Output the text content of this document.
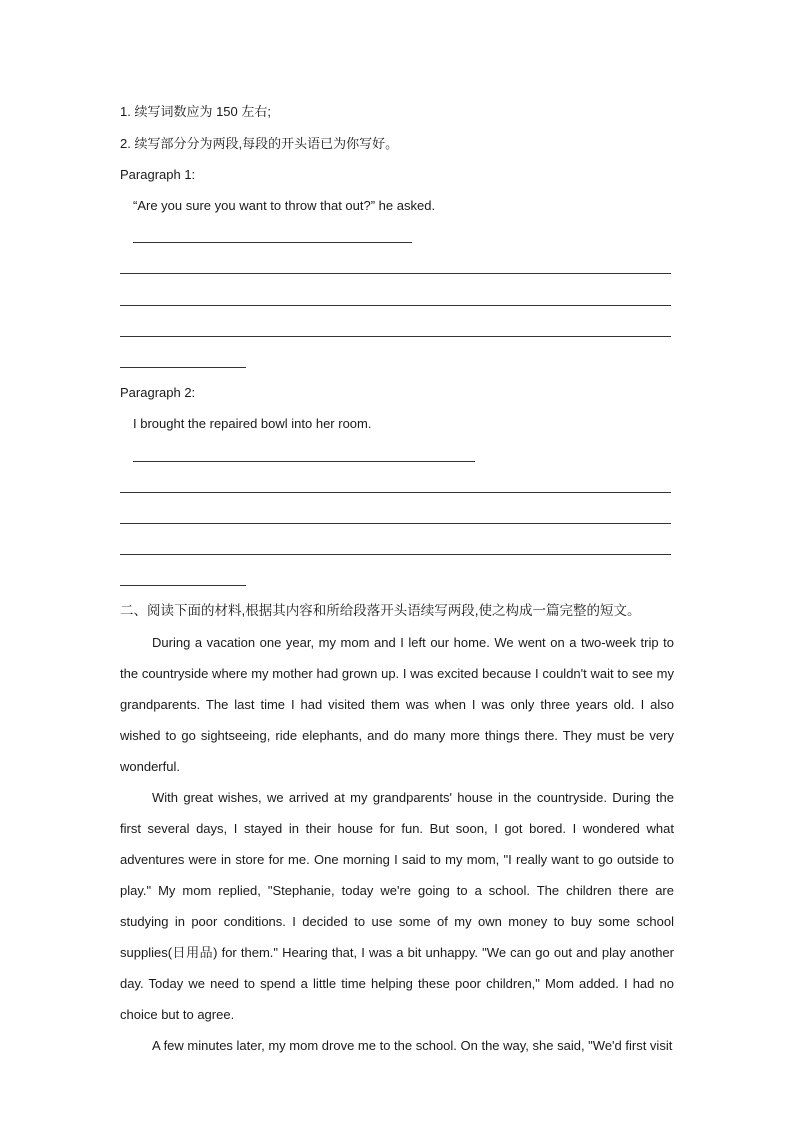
1. 续写词数应为 150 左右;
2. 续写部分分为两段,每段的开头语已为你写好。
Paragraph 1:
“Are you sure you want to throw that out?” he asked.
Paragraph 2:
I brought the repaired bowl into her room.
二、阅读下面的材料,根据其内容和所给段落开头语续写两段,使之构成一篇完整的短文。

During a vacation one year, my mom and I left our home. We went on a two-week trip to the countryside where my mother had grown up. I was excited because I couldn't wait to see my grandparents. The last time I had visited them was when I was only three years old. I also wished to go sightseeing, ride elephants, and do many more things there. They must be very wonderful.

With great wishes, we arrived at my grandparents' house in the countryside. During the first several days, I stayed in their house for fun. But soon, I got bored. I wondered what adventures were in store for me. One morning I said to my mom, "I really want to go outside to play." My mom replied, "Stephanie, today we're going to a school. The children there are studying in poor conditions. I decided to use some of my own money to buy some school supplies(日用品) for them." Hearing that, I was a bit unhappy. "We can go out and play another day. Today we need to spend a little time helping these poor children," Mom added. I had no choice but to agree.

A few minutes later, my mom drove me to the school. On the way, she said, "We'd first visit
